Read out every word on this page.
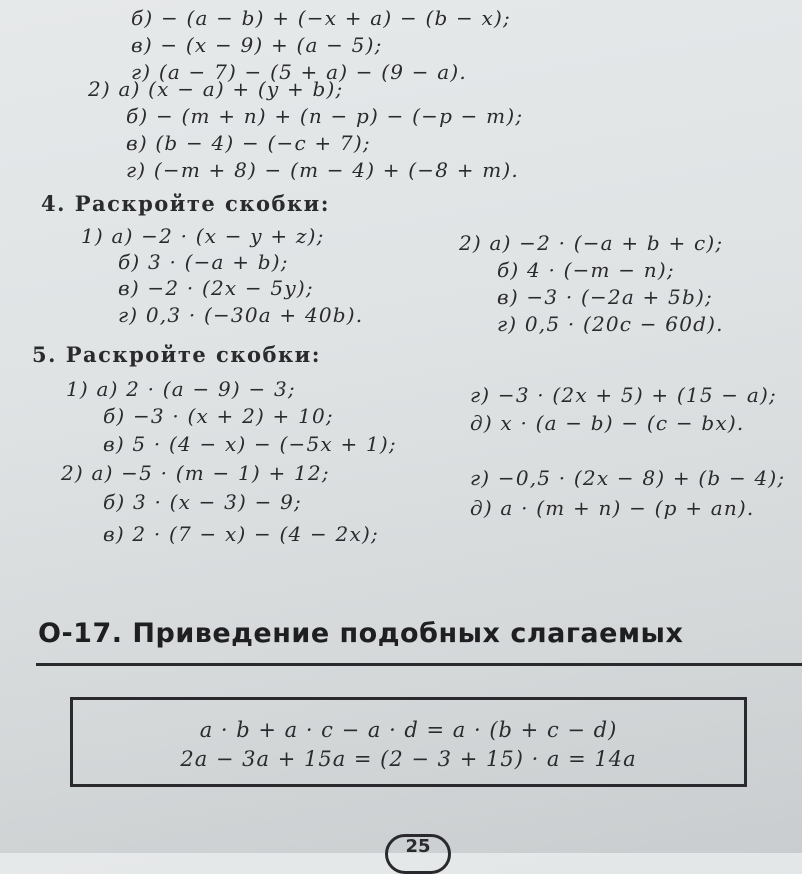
б) − (a − b) + (−x + a) − (b − x);
в) − (x − 9) + (a − 5);
г) (a − 7) − (5 + a) − (9 − a).
2) а) (x − a) + (y + b);
б) − (m + n) + (n − p) − (−p − m);
в) (b − 4) − (−c + 7);
г) (−m + 8) − (m − 4) + (−8 + m).
4. Раскройте скобки:
1) а) −2 · (x − y + z);
б) 3 · (−a + b);
в) −2 · (2x − 5y);
г) 0,3 · (−30a + 40b).
2) а) −2 · (−a + b + c);
б) 4 · (−m − n);
в) −3 · (−2a + 5b);
г) 0,5 · (20c − 60d).
5. Раскройте скобки:
1) а) 2 · (a − 9) − 3;
б) −3 · (x + 2) + 10;
в) 5 · (4 − x) − (−5x + 1);
2) а) −5 · (m − 1) + 12;
б) 3 · (x − 3) − 9;
в) 2 · (7 − x) − (4 − 2x);
г) −3 · (2x + 5) + (15 − a);
д) x · (a − b) − (c − bx).
г) −0,5 · (2x − 8) + (b − 4);
д) a · (m + n) − (p + an).
О-17. Приведение подобных слагаемых
a · b + a · c − a · d = a · (b + c − d)
2a − 3a + 15a = (2 − 3 + 15) · a = 14a
25
